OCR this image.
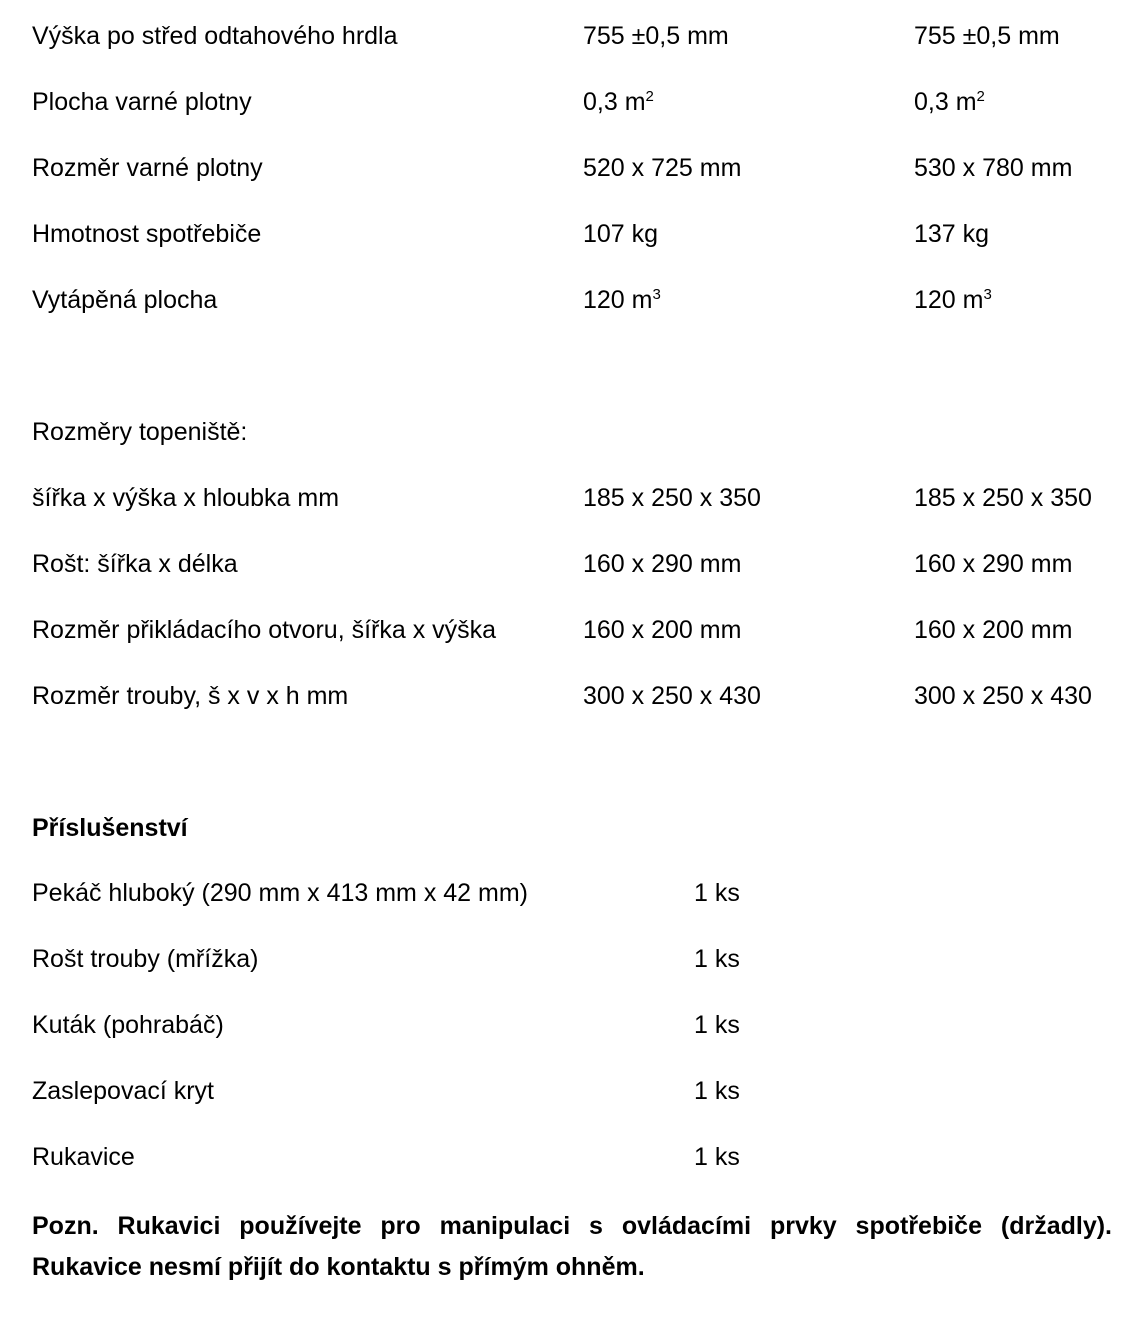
Výška po střed odtahového hrdla	755 ±0,5 mm	755 ±0,5 mm
Plocha varné plotny	0,3 $m^2$	0,3 $m^2$
Rozměr varné plotny	520 x 725 mm	530 x 780 mm
Hmotnost spotřebiče	107 kg	137 kg
Vytápěná plocha	120 $m^3$	120 $m^3$
Rozměry topeniště:
šířka x výška x hloubka mm	185 x 250 x 350	185 x 250 x 350
Rošt: šířka x délka	160 x 290 mm	160 x 290 mm
Rozměr přikládacího otvoru, šířka x výška	160 x 200 mm	160 x 200 mm
Rozměr trouby, š x v x h mm	300 x 250 x 430	300 x 250 x 430
Příslušenství
Pekáč hluboký (290 mm x 413 mm x 42 mm)	1 ks
Rošt trouby (mřížka)	1 ks
Kuták (pohrabáč)	1 ks
Zaslepovací kryt	1 ks
Rukavice	1 ks
Pozn. Rukavici používejte pro manipulaci s ovládacími prvky spotřebiče (držadly).
Rukavice nesmí přijít do kontaktu s přímým ohněm.
